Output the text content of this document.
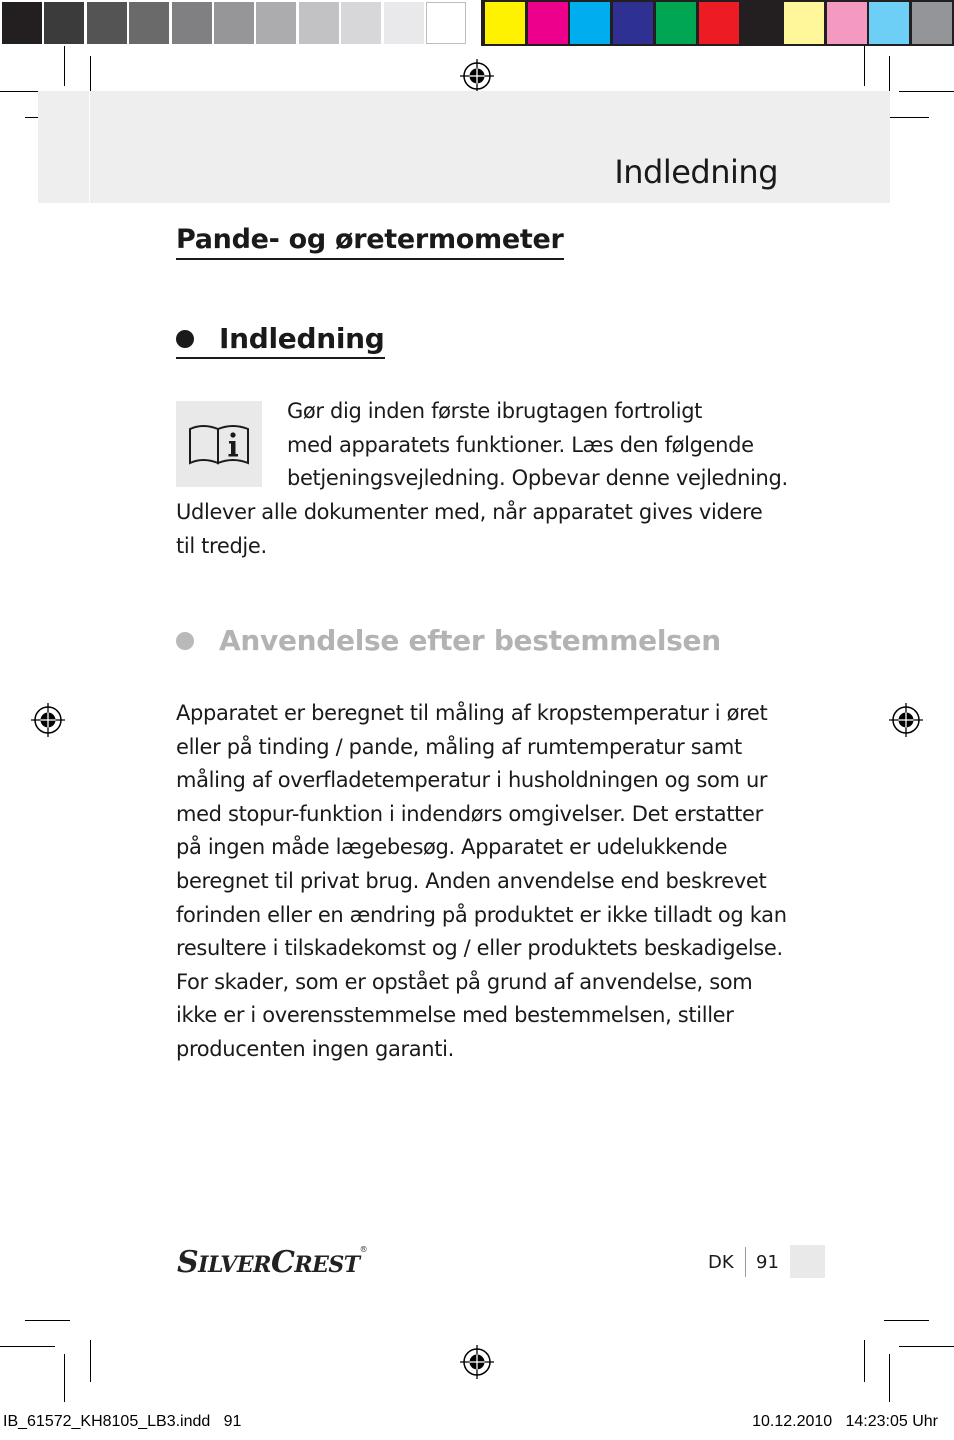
Indledning
Pande- og øretermometer
Indledning
Gør dig inden første ibrugtagen fortroligt
med apparatets funktioner. Læs den følgende
betjeningsvejledning. Opbevar denne vejledning.
Udlever alle dokumenter med, når apparatet gives videre
til tredje.
Anvendelse efter bestemmelsen
Apparatet er beregnet til måling af kropstemperatur i øret
eller på tinding / pande, måling af rumtemperatur samt
måling af overfladetemperatur i husholdningen og som ur
med stopur-funktion i indendørs omgivelser. Det erstatter
på ingen måde lægebesøg. Apparatet er udelukkende
beregnet til privat brug. Anden anvendelse end beskrevet
forinden eller en ændring på produktet er ikke tilladt og kan
resultere i tilskadekomst og / eller produktets beskadigelse.
For skader, som er opstået på grund af anvendelse, som
ikke er i overensstemmelse med bestemmelsen, stiller
producenten ingen garanti.
SILVERCREST®
DK 91
IB_61572_KH8105_LB3.indd   91	10.12.2010   14:23:05 Uhr
